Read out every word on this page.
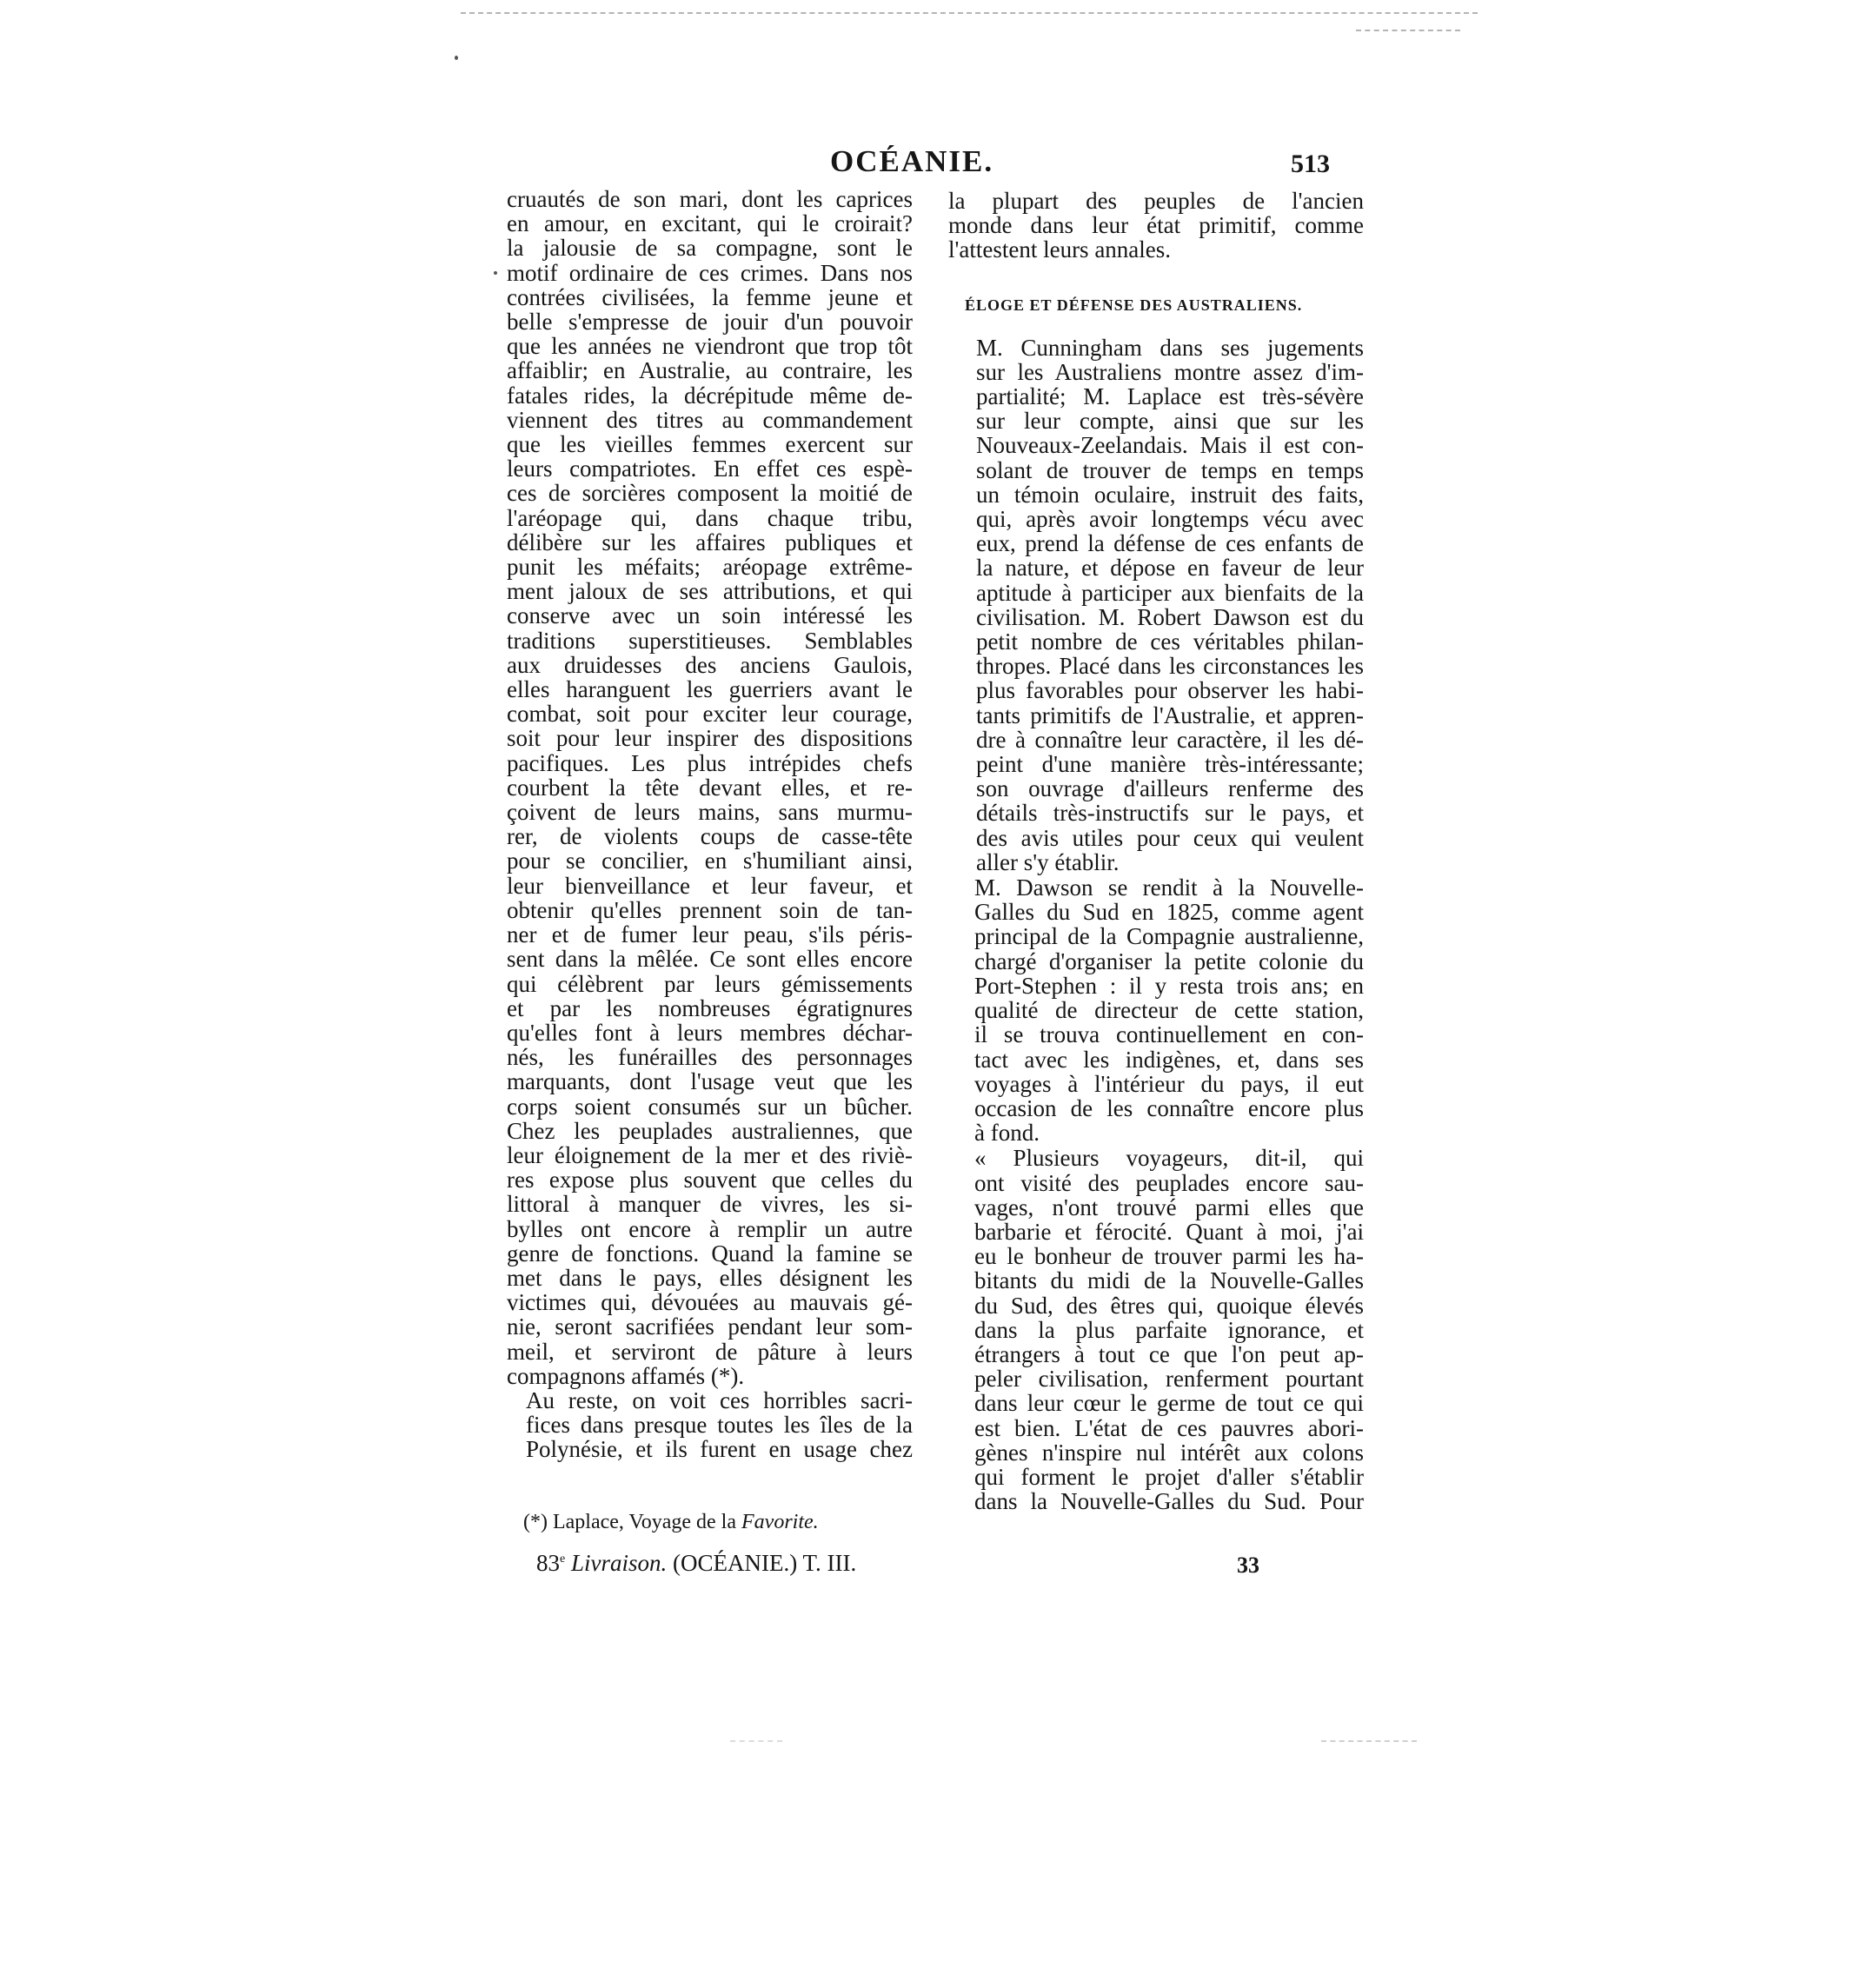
OCÉANIE.	513

cruautés de son mari, dont les caprices
en amour, en excitant, qui le croirait?
la jalousie de sa compagne, sont le
motif ordinaire de ces crimes. Dans nos
contrées civilisées, la femme jeune et
belle s'empresse de jouir d'un pouvoir
que les années ne viendront que trop tôt
affaiblir; en Australie, au contraire, les
fatales rides, la décrépitude même de-
viennent des titres au commandement
que les vieilles femmes exercent sur
leurs compatriotes. En effet ces espè-
ces de sorcières composent la moitié de
l'aréopage qui, dans chaque tribu,
délibère sur les affaires publiques et
punit les méfaits; aréopage extrême-
ment jaloux de ses attributions, et qui
conserve avec un soin intéressé les
traditions superstitieuses. Semblables
aux druidesses des anciens Gaulois,
elles haranguent les guerriers avant le
combat, soit pour exciter leur courage,
soit pour leur inspirer des dispositions
pacifiques. Les plus intrépides chefs
courbent la tête devant elles, et re-
çoivent de leurs mains, sans murmu-
rer, de violents coups de casse-tête
pour se concilier, en s'humiliant ainsi,
leur bienveillance et leur faveur, et
obtenir qu'elles prennent soin de tan-
ner et de fumer leur peau, s'ils péris-
sent dans la mêlée. Ce sont elles encore
qui célèbrent par leurs gémissements
et par les nombreuses égratignures
qu'elles font à leurs membres déchar-
nés, les funérailles des personnages
marquants, dont l'usage veut que les
corps soient consumés sur un bûcher.
Chez les peuplades australiennes, que
leur éloignement de la mer et des riviè-
res expose plus souvent que celles du
littoral à manquer de vivres, les si-
bylles ont encore à remplir un autre
genre de fonctions. Quand la famine se
met dans le pays, elles désignent les
victimes qui, dévouées au mauvais gé-
nie, seront sacrifiées pendant leur som-
meil, et serviront de pâture à leurs
compagnons affamés (*).

Au reste, on voit ces horribles sacri-
fices dans presque toutes les îles de la
Polynésie, et ils furent en usage chez

la plupart des peuples de l'ancien
monde dans leur état primitif, comme
l'attestent leurs annales.

M. Cunningham dans ses jugements
sur les Australiens montre assez d'im-
partialité; M. Laplace est très-sévère
sur leur compte, ainsi que sur les
Nouveaux-Zeelandais. Mais il est con-
solant de trouver de temps en temps
un témoin oculaire, instruit des faits,
qui, après avoir longtemps vécu avec
eux, prend la défense de ces enfants de
la nature, et dépose en faveur de leur
aptitude à participer aux bienfaits de la
civilisation. M. Robert Dawson est du
petit nombre de ces véritables philan-
thropes. Placé dans les circonstances les
plus favorables pour observer les habi-
tants primitifs de l'Australie, et appren-
dre à connaître leur caractère, il les dé-
peint d'une manière très-intéressante;
son ouvrage d'ailleurs renferme des
détails très-instructifs sur le pays, et
des avis utiles pour ceux qui veulent
aller s'y établir.

M. Dawson se rendit à la Nouvelle-
Galles du Sud en 1825, comme agent
principal de la Compagnie australienne,
chargé d'organiser la petite colonie du
Port-Stephen : il y resta trois ans; en
qualité de directeur de cette station,
il se trouva continuellement en con-
tact avec les indigènes, et, dans ses
voyages à l'intérieur du pays, il eut
occasion de les connaître encore plus
à fond.

« Plusieurs voyageurs, dit-il, qui
ont visité des peuplades encore sau-
vages, n'ont trouvé parmi elles que
barbarie et férocité. Quant à moi, j'ai
eu le bonheur de trouver parmi les ha-
bitants du midi de la Nouvelle-Galles
du Sud, des êtres qui, quoique élevés
dans la plus parfaite ignorance, et
étrangers à tout ce que l'on peut ap-
peler civilisation, renferment pourtant
dans leur cœur le germe de tout ce qui
est bien. L'état de ces pauvres abori-
gènes n'inspire nul intérêt aux colons
qui forment le projet d'aller s'établir
dans la Nouvelle-Galles du Sud. Pour

ÉLOGE ET DÉFENSE DES AUSTRALIENS.

(*) Laplace, Voyage de la Favorite.

83e Livraison. (OCÉANIE.) T. III.	33
